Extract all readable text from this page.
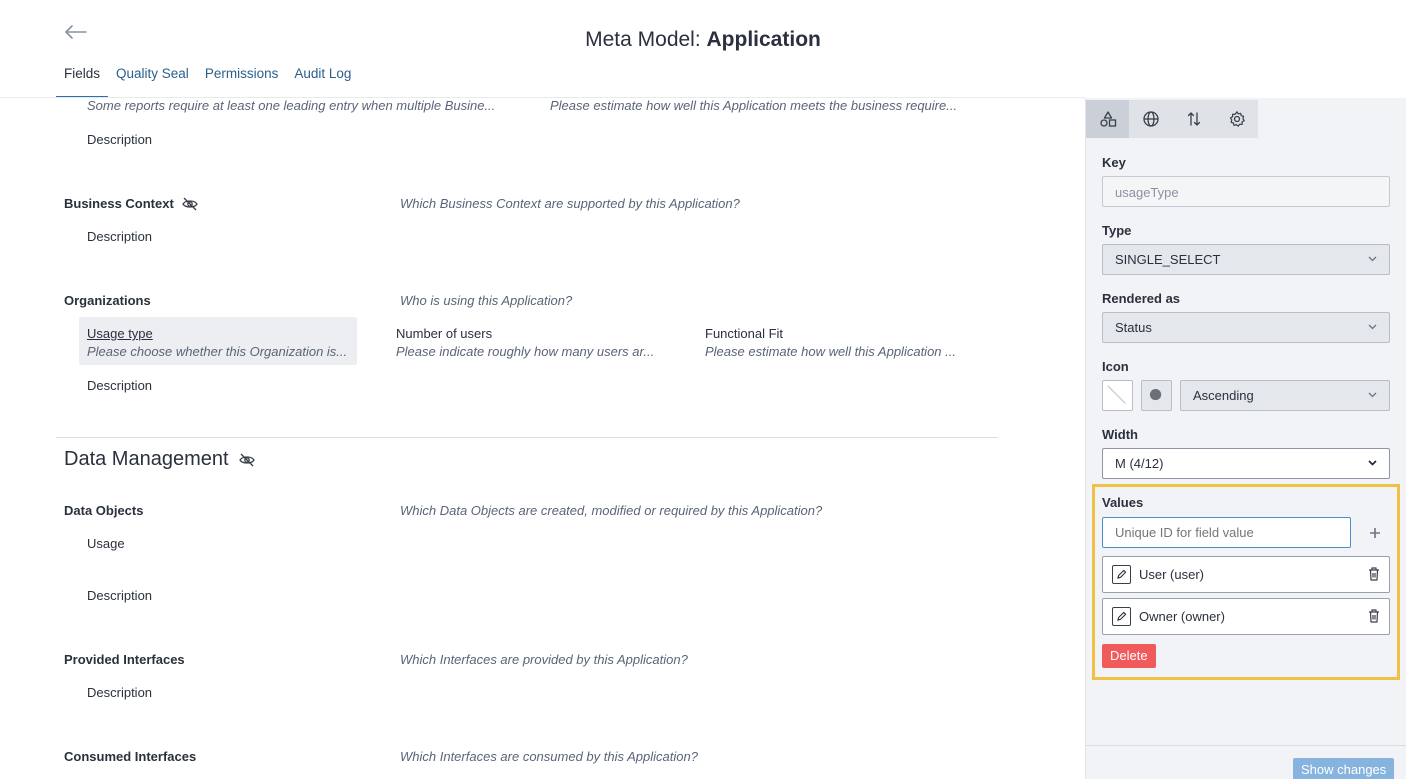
Meta Model: Application
Fields	Quality Seal	Permissions	Audit Log
Some reports require at least one leading entry when multiple Busine...	Please estimate how well this Application meets the business require...
Description
Business Context	Which Business Context are supported by this Application?
Description
Organizations	Who is using this Application?
Usage type
Please choose whether this Organization is...
Number of users
Please indicate roughly how many users ar...
Functional Fit
Please estimate how well this Application ...
Description
Data Management
Data Objects	Which Data Objects are created, modified or required by this Application?
Usage
Description
Provided Interfaces	Which Interfaces are provided by this Application?
Description
Consumed Interfaces	Which Interfaces are consumed by this Application?
Key
usageType
Type
SINGLE_SELECT
Rendered as
Status
Icon
Ascending
Width
M (4/12)
Values
Unique ID for field value
User (user)
Owner (owner)
Delete
Show changes
